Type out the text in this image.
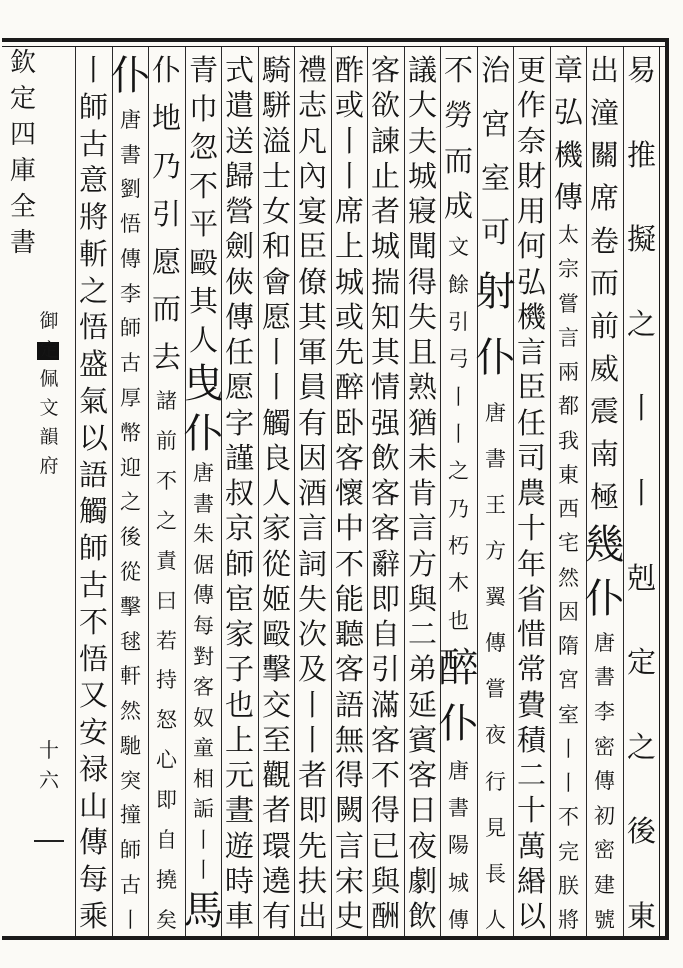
欽
定
四
庫
全
書
御
定
佩
文
韻
府
十
六
易
推
擬
之
丨
丨
剋
定
之
後
東
出
潼
關
席
卷
而
前
威
震
南
極
幾
仆
唐
書
李
密
傳
初
密
建
號
章
弘
機
傳
太
宗
嘗
言
兩
都
我
東
西
宅
然
因
隋
宮
室
丨
丨
不
完
朕
將
更
作
奈
財
用
何
弘
機
言
臣
任
司
農
十
年
省
惜
常
費
積
二
十
萬
緡
以
治
宮
室
可
射
仆
唐
書
王
方
翼
傳
嘗
夜
行
見
長
人
不
勞
而
成
文
餘
引
弓
丨
丨
之
乃
朽
木
也
醉
仆
唐
書
陽
城
傳
議
大
夫
城
寢
聞
得
失
且
熟
猶
未
肯
言
方
與
二
弟
延
賓
客
日
夜
劇
飲
客
欲
諫
止
者
城
揣
知
其
情
强
飲
客
客
辭
即
自
引
滿
客
不
得
已
與
酬
酢
或
丨
丨
席
上
城
或
先
醉
卧
客
懷
中
不
能
聽
客
語
無
得
闕
言
宋
史
禮
志
凡
內
宴
臣
僚
其
軍
員
有
因
酒
言
詞
失
次
及
丨
丨
者
即
先
扶
出
騎
駢
溢
士
女
和
會
愿
丨
丨
觸
良
人
家
從
姬
毆
擊
交
至
觀
者
環
遶
有
式
遣
送
歸
營
劍
俠
傳
任
愿
字
謹
叔
京
師
宦
家
子
也
上
元
晝
遊
時
車
青
巾
忽
不
平
毆
其
人
曳
仆
唐
書
朱
倨
傳
每
對
客
奴
童
相
詬
丨
丨
馬
仆
地
乃
引
愿
而
去
諸
前
不
之
責
曰
若
持
怒
心
即
自
撓
矣
仆
唐
書
劉
悟
傳
李
師
古
厚
幣
迎
之
後
從
擊
毬
軒
然
馳
突
撞
師
古
丨
丨
師
古
意
將
斬
之
悟
盛
氣
以
語
觸
師
古
不
悟
又
安
禄
山
傳
每
乘
